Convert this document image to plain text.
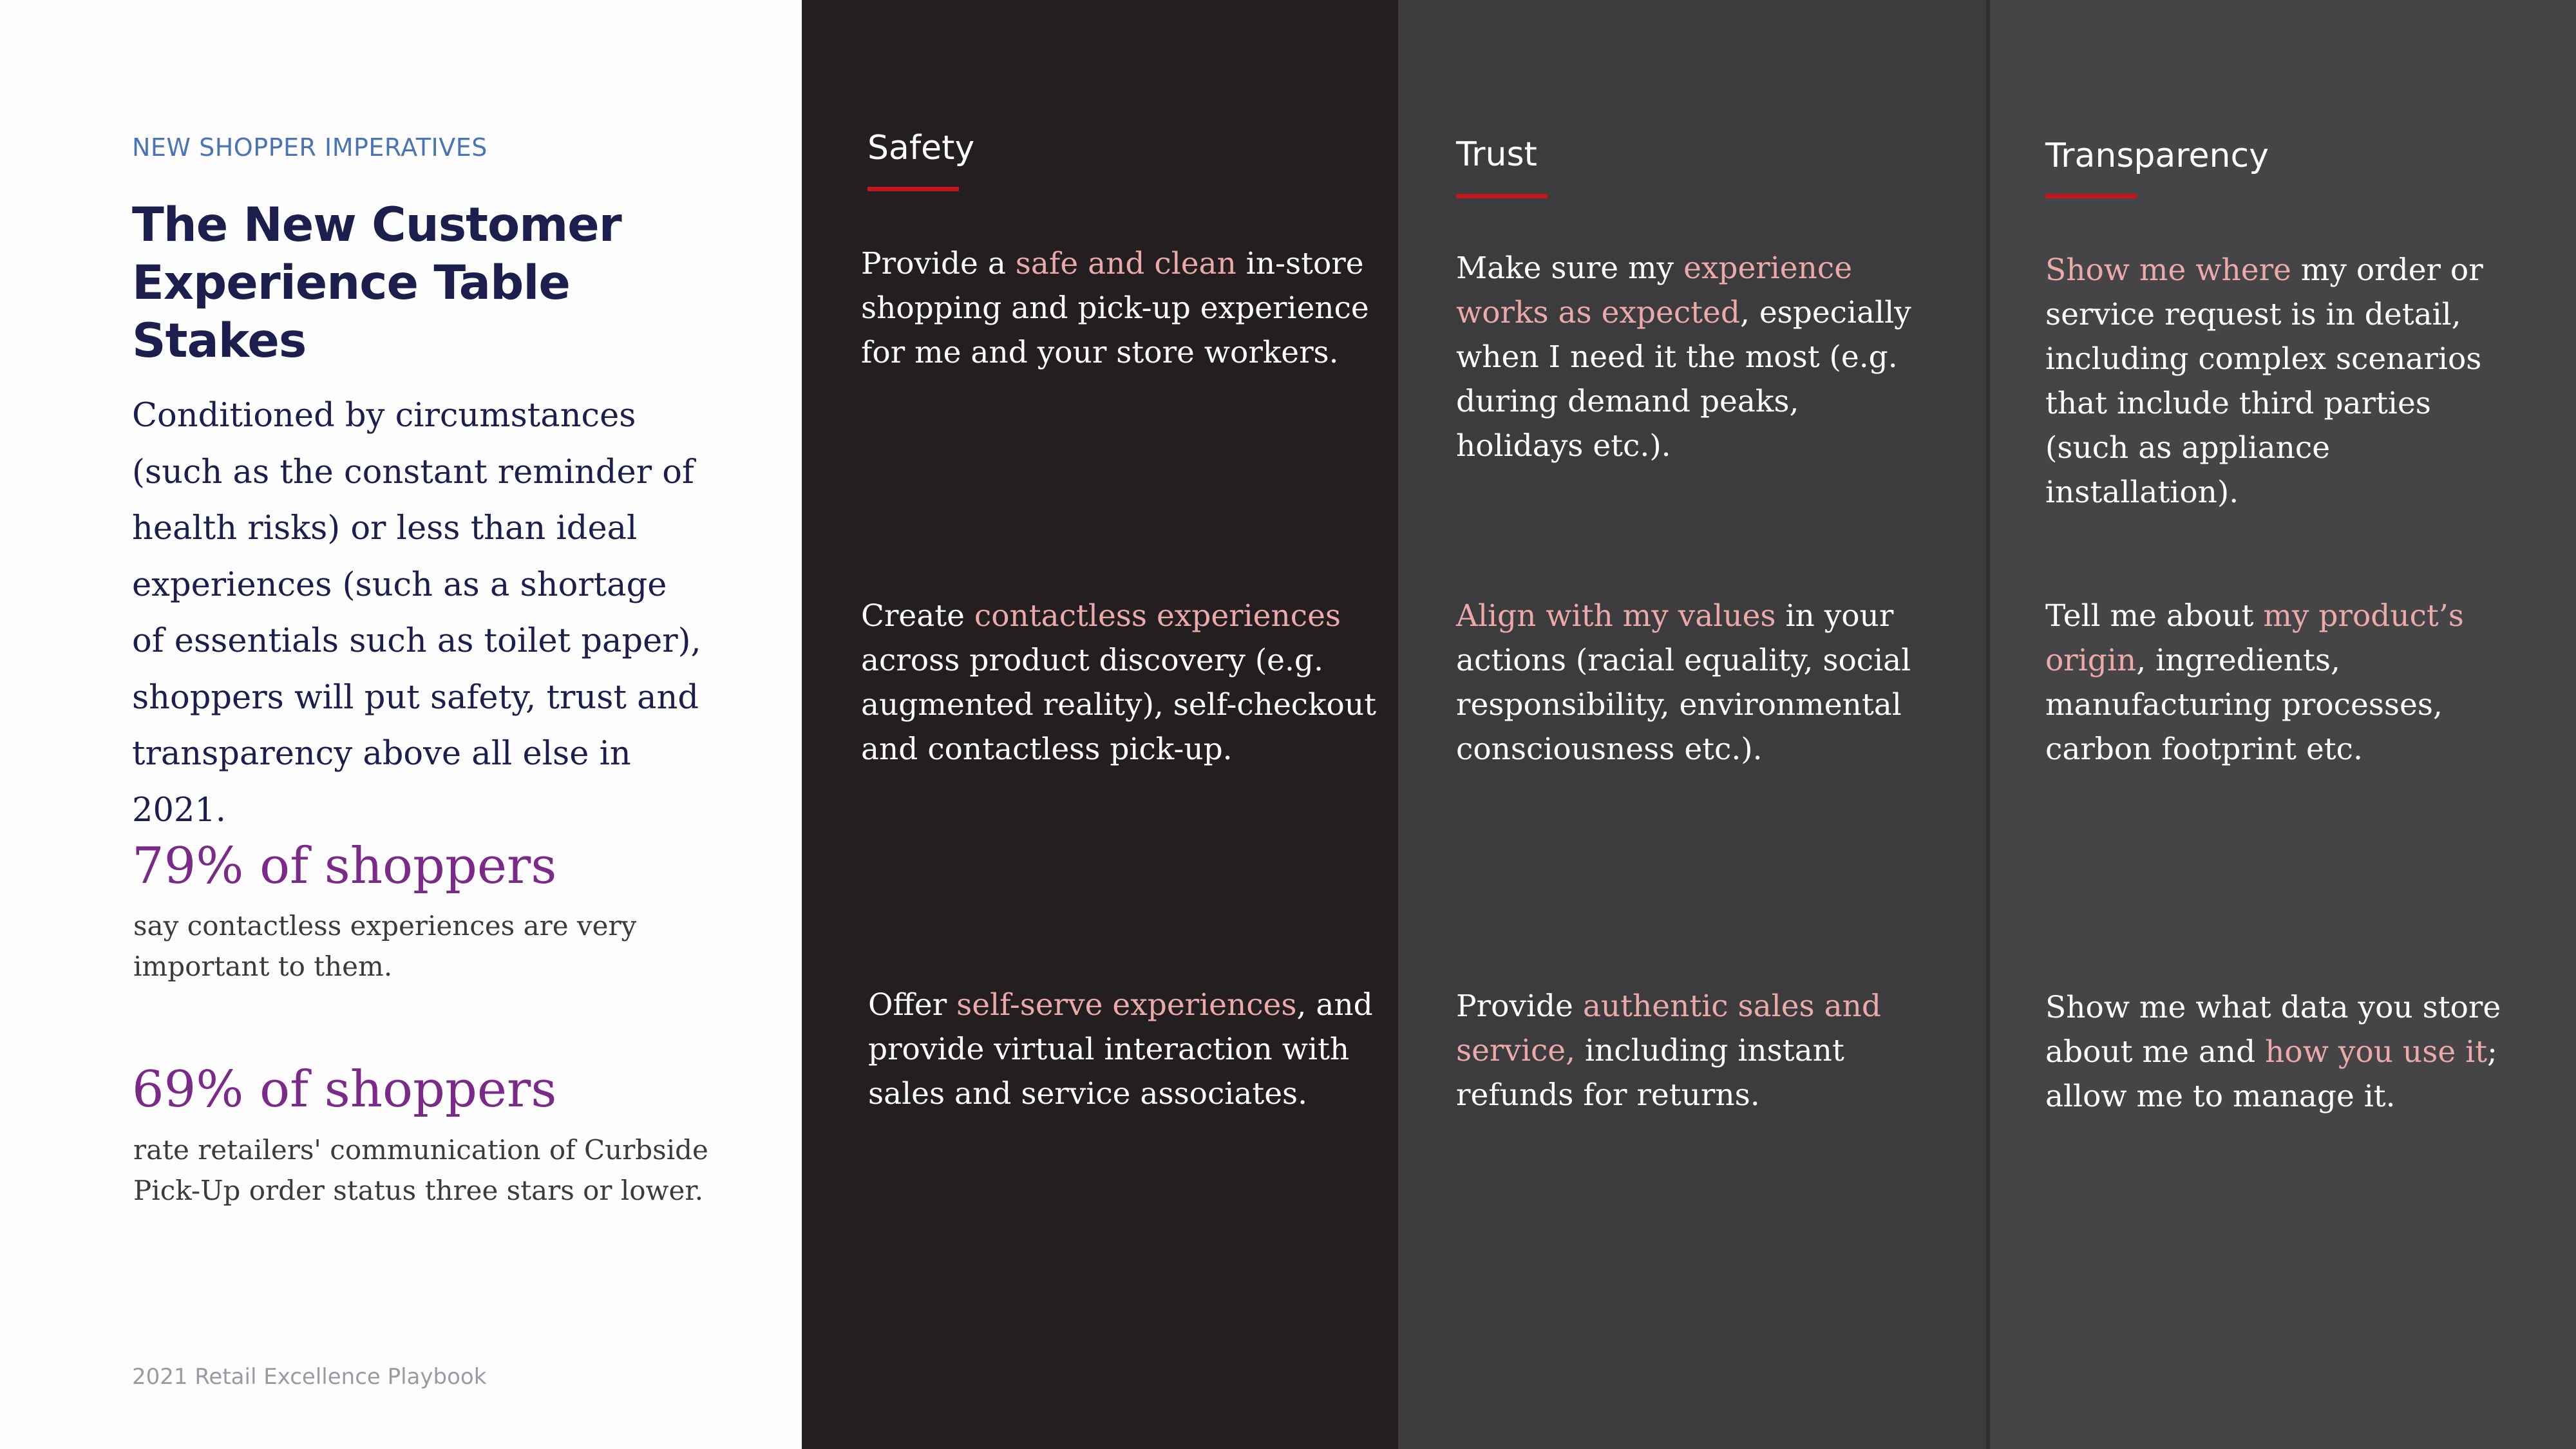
NEW SHOPPER IMPERATIVES
The New Customer Experience Table Stakes
Conditioned by circumstances (such as the constant reminder of health risks) or less than ideal experiences (such as a shortage of essentials such as toilet paper), shoppers will put safety, trust and transparency above all else in 2021.
79% of shoppers
say contactless experiences are very important to them.
69% of shoppers
rate retailers' communication of Curbside Pick-Up order status three stars or lower.
2021 Retail Excellence Playbook
Safety
Provide a safe and clean in-store shopping and pick-up experience for me and your store workers.
Create contactless experiences across product discovery (e.g. augmented reality), self-checkout and contactless pick-up.
Offer self-serve experiences, and provide virtual interaction with sales and service associates.
Trust
Make sure my experience works as expected, especially when I need it the most (e.g. during demand peaks, holidays etc.).
Align with my values in your actions (racial equality, social responsibility, environmental consciousness etc.).
Provide authentic sales and service, including instant refunds for returns.
Transparency
Show me where my order or service request is in detail, including complex scenarios that include third parties (such as appliance installation).
Tell me about my product’s origin, ingredients, manufacturing processes, carbon footprint etc.
Show me what data you store about me and how you use it; allow me to manage it.
